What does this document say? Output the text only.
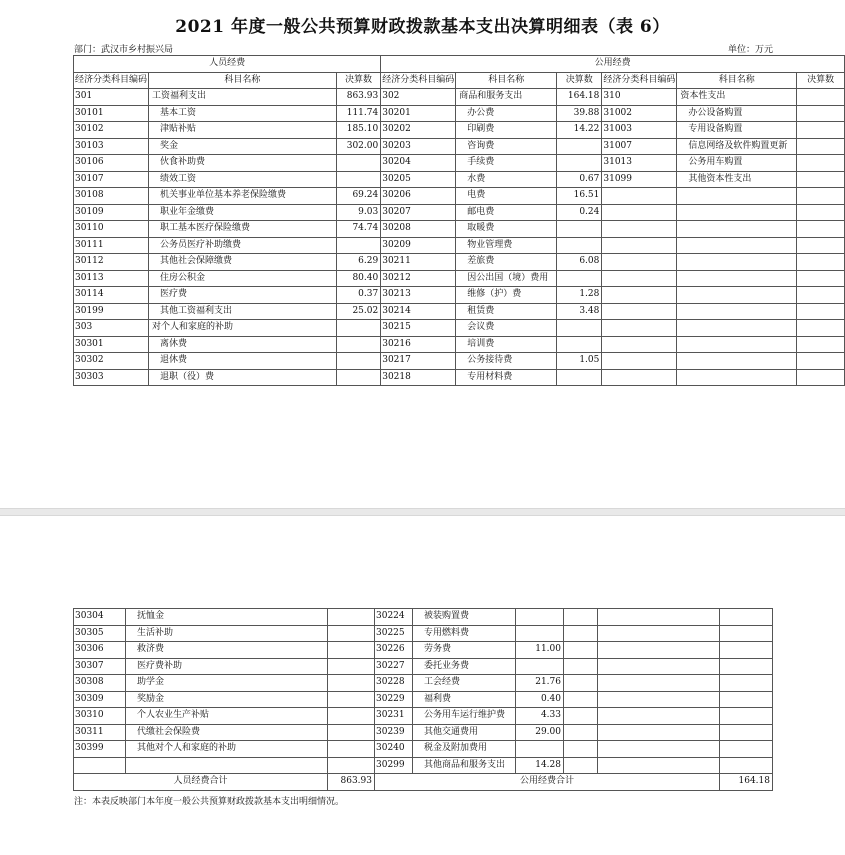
2021 年度一般公共预算财政拨款基本支出决算明细表（表 6）
部门：武汉市乡村振兴局	单位：万元
人员经费			公用经费					
经济分类科目编码	科目名称	决算数	经济分类科目编码	科目名称	决算数	经济分类科目编码	科目名称	决算数
301	工资福利支出	863.93	302	商品和服务支出	164.18	310	资本性支出	
30101	基本工资	111.74	30201	办公费	39.88	31002	办公设备购置	
30102	津贴补贴	185.10	30202	印刷费	14.22	31003	专用设备购置	
30103	奖金	302.00	30203	咨询费		31007	信息网络及软件购置更新	
30106	伙食补助费		30204	手续费		31013	公务用车购置	
30107	绩效工资		30205	水费	0.67	31099	其他资本性支出	
30108	机关事业单位基本养老保险缴费	69.24	30206	电费	16.51			
30109	职业年金缴费	9.03	30207	邮电费	0.24			
30110	职工基本医疗保险缴费	74.74	30208	取暖费				
30111	公务员医疗补助缴费		30209	物业管理费				
30112	其他社会保障缴费	6.29	30211	差旅费	6.08			
30113	住房公积金	80.40	30212	因公出国（境）费用				
30114	医疗费	0.37	30213	维修（护）费	1.28			
30199	其他工资福利支出	25.02	30214	租赁费	3.48			
303	对个人和家庭的补助		30215	会议费				
30301	离休费		30216	培训费				
30302	退休费		30217	公务接待费	1.05			
30303	退职（役）费		30218	专用材料费				
30304	抚恤金		30224	被装购置费				
30305	生活补助		30225	专用燃料费				
30306	救济费		30226	劳务费	11.00			
30307	医疗费补助		30227	委托业务费				
30308	助学金		30228	工会经费	21.76			
30309	奖励金		30229	福利费	0.40			
30310	个人农业生产补贴		30231	公务用车运行维护费	4.33			
30311	代缴社会保险费		30239	其他交通费用	29.00			
30399	其他对个人和家庭的补助		30240	税金及附加费用				
			30299	其他商品和服务支出	14.28			
人员经费合计		863.93	公用经费合计					164.18
注：本表反映部门本年度一般公共预算财政拨款基本支出明细情况。
